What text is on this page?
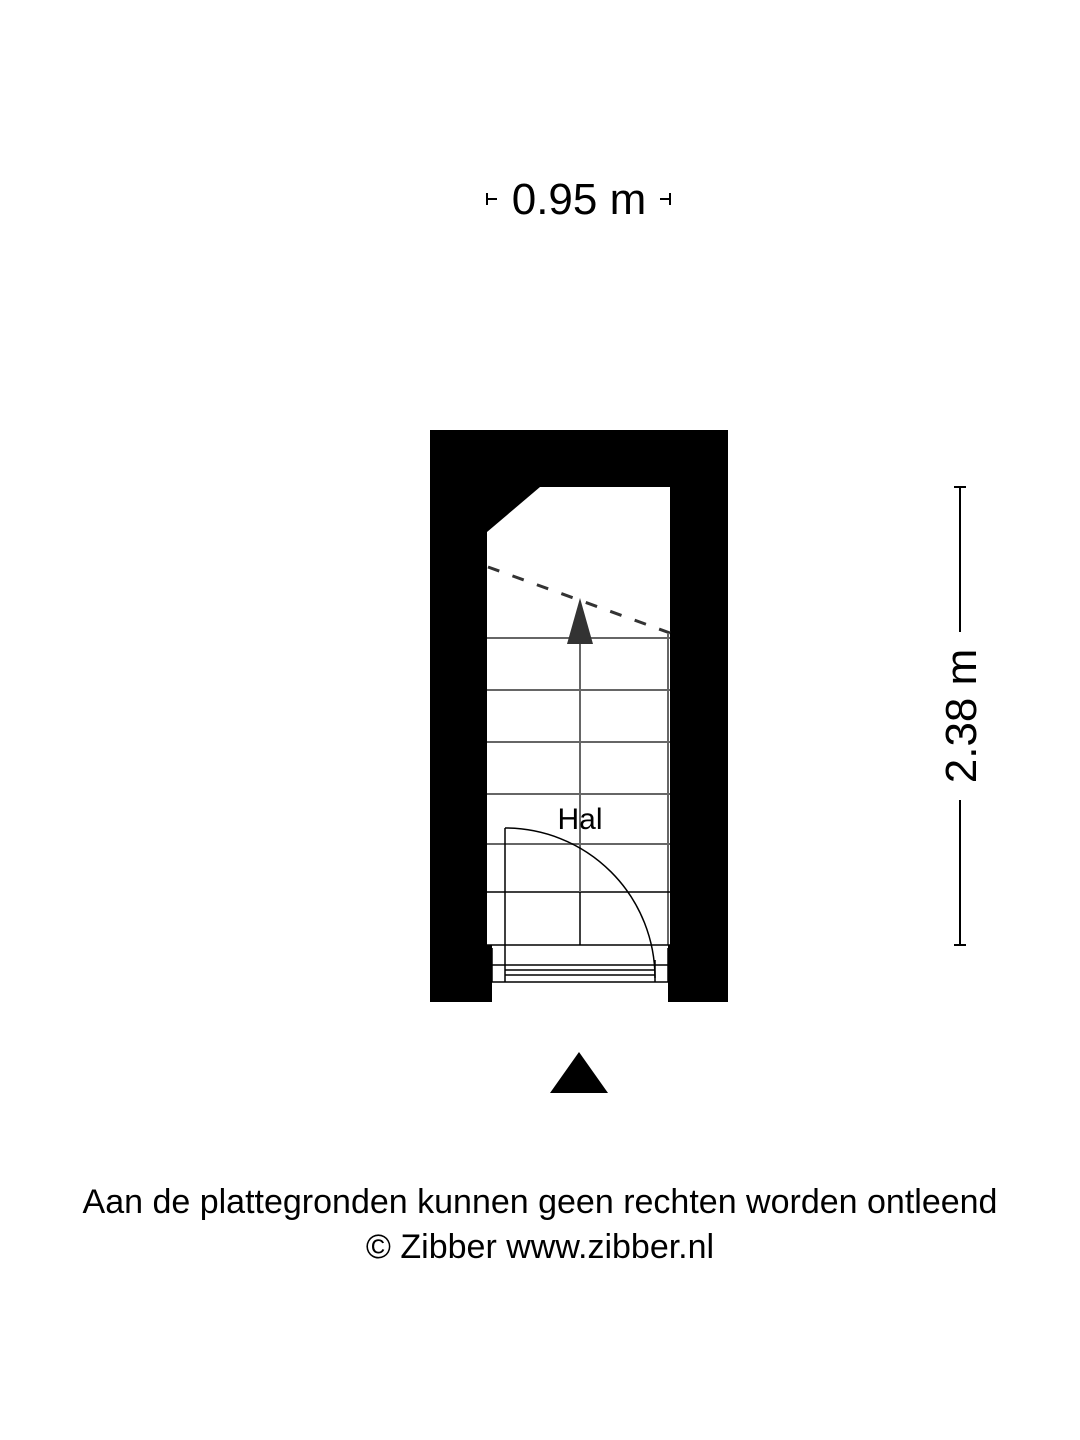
0.95 m
2.38 m
Hal
Aan de plattegronden kunnen geen rechten worden ontleend
© Zibber www.zibber.nl
